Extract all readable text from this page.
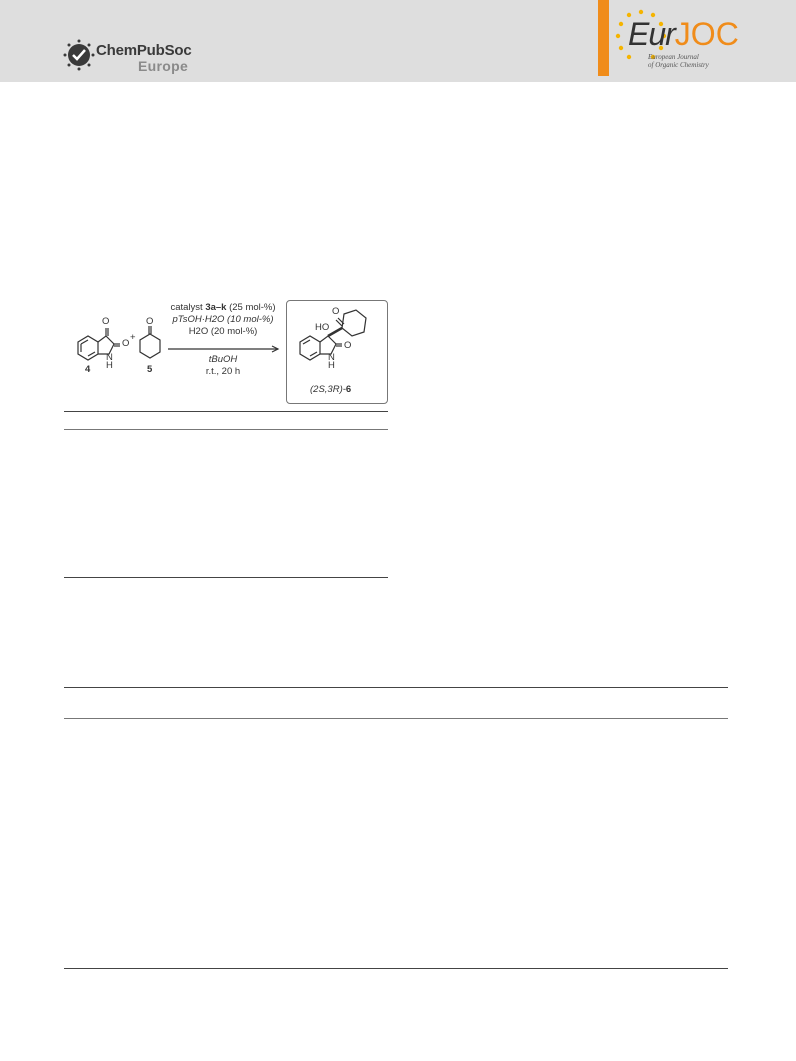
ChemPubSoc
Europe
EurJOC
European Journal
of Organic Chemistry
O
O
+
N
H
4
O
5
catalyst 3a–k (25 mol-%)
pTsOH·H2O (10 mol-%)
H2O (20 mol-%)
tBuOH
r.t., 20 h
O
HO
O
N
H
(2S,3R)-6
